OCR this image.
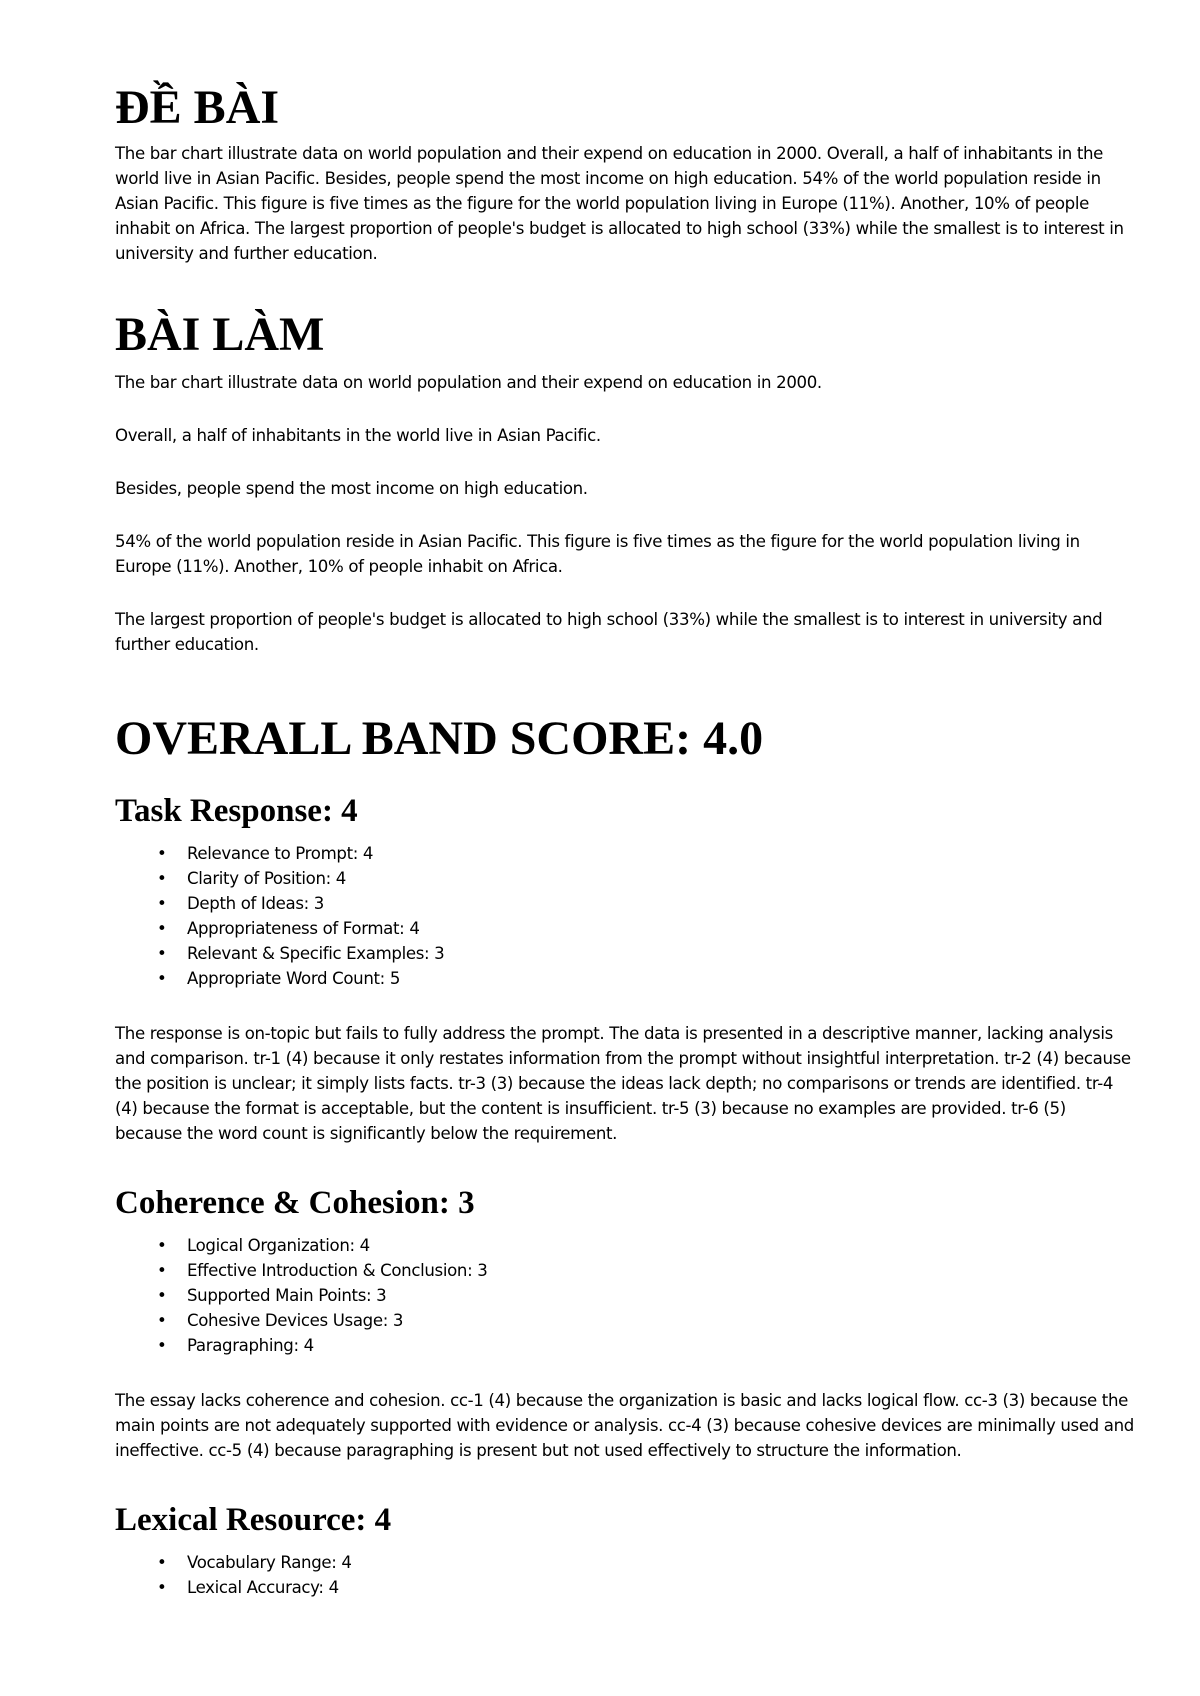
ĐỀ BÀI

The bar chart illustrate data on world population and their expend on education in 2000. Overall, a half of inhabitants in the world live in Asian Pacific. Besides, people spend the most income on high education. 54% of the world population reside in Asian Pacific. This figure is five times as the figure for the world population living in Europe (11%). Another, 10% of people inhabit on Africa. The largest proportion of people's budget is allocated to high school (33%) while the smallest is to interest in university and further education.

BÀI LÀM

The bar chart illustrate data on world population and their expend on education in 2000.

Overall, a half of inhabitants in the world live in Asian Pacific.

Besides, people spend the most income on high education.

54% of the world population reside in Asian Pacific. This figure is five times as the figure for the world population living in Europe (11%). Another, 10% of people inhabit on Africa.

The largest proportion of people's budget is allocated to high school (33%) while the smallest is to interest in university and further education.

OVERALL BAND SCORE: 4.0
Task Response: 4
• Relevance to Prompt: 4
• Clarity of Position: 4
• Depth of Ideas: 3
• Appropriateness of Format: 4
• Relevant & Specific Examples: 3
• Appropriate Word Count: 5

The response is on-topic but fails to fully address the prompt. The data is presented in a descriptive manner, lacking analysis and comparison. tr-1 (4) because it only restates information from the prompt without insightful interpretation. tr-2 (4) because the position is unclear; it simply lists facts. tr-3 (3) because the ideas lack depth; no comparisons or trends are identified. tr-4 (4) because the format is acceptable, but the content is insufficient. tr-5 (3) because no examples are provided. tr-6 (5) because the word count is significantly below the requirement.

Coherence & Cohesion: 3
• Logical Organization: 4
• Effective Introduction & Conclusion: 3
• Supported Main Points: 3
• Cohesive Devices Usage: 3
• Paragraphing: 4

The essay lacks coherence and cohesion. cc-1 (4) because the organization is basic and lacks logical flow. cc-3 (3) because the main points are not adequately supported with evidence or analysis. cc-4 (3) because cohesive devices are minimally used and ineffective. cc-5 (4) because paragraphing is present but not used effectively to structure the information.

Lexical Resource: 4
• Vocabulary Range: 4
• Lexical Accuracy: 4
